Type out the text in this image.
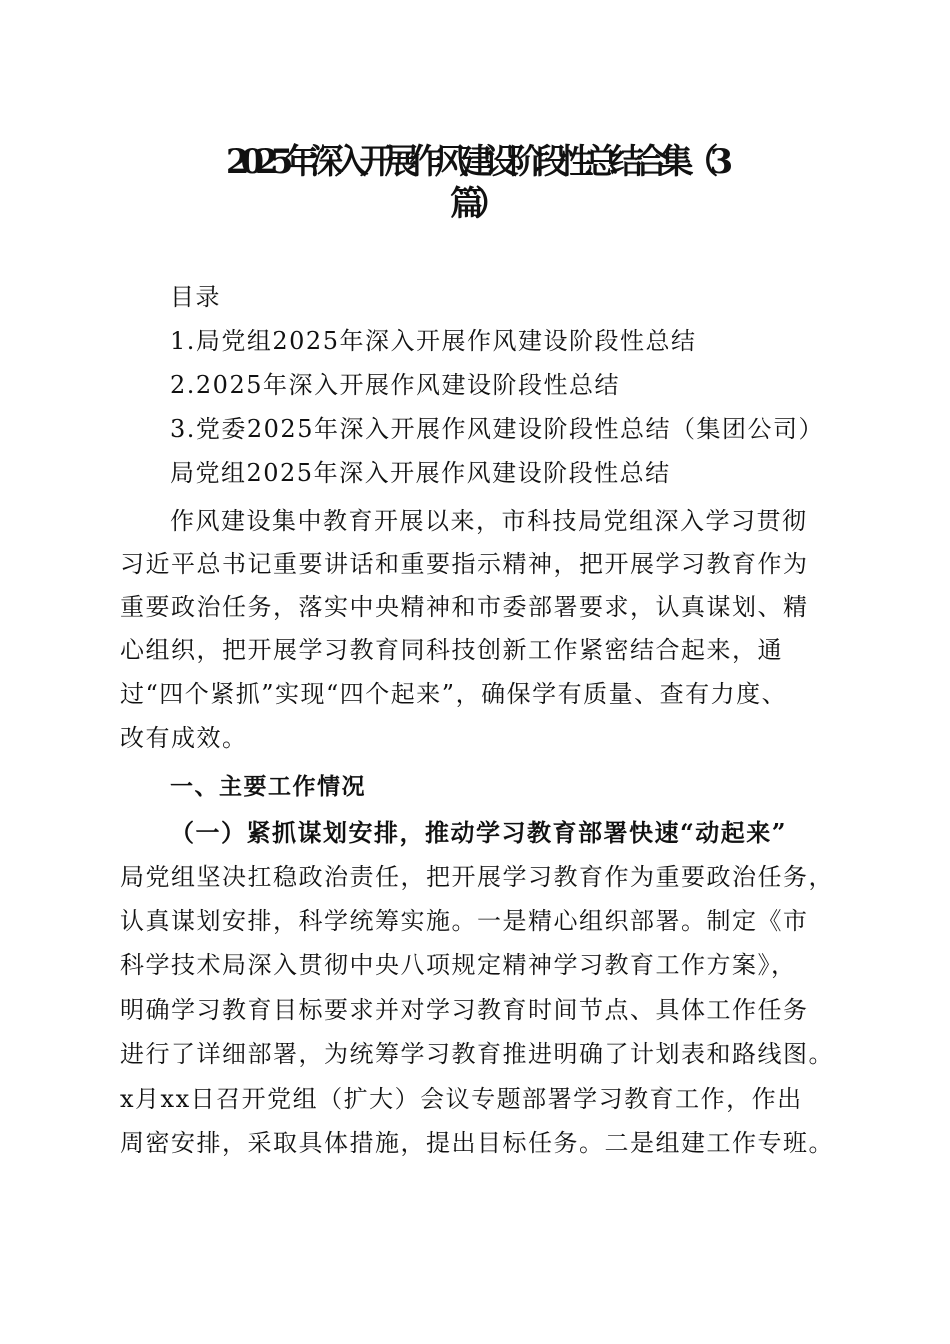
2025年深入开展作风建设阶段性总结合集（3
篇）
目录
1.局党组2025年深入开展作风建设阶段性总结
2.2025年深入开展作风建设阶段性总结
3.党委2025年深入开展作风建设阶段性总结（集团公司）
局党组2025年深入开展作风建设阶段性总结
作风建设集中教育开展以来，市科技局党组深入学习贯彻
习近平总书记重要讲话和重要指示精神，把开展学习教育作为
重要政治任务，落实中央精神和市委部署要求，认真谋划、精
心组织，把开展学习教育同科技创新工作紧密结合起来，通
过“四个紧抓”实现“四个起来”，确保学有质量、查有力度、
改有成效。
一、主要工作情况
（一）紧抓谋划安排，推动学习教育部署快速“动起来”
局党组坚决扛稳政治责任，把开展学习教育作为重要政治任务，
认真谋划安排，科学统筹实施。一是精心组织部署。制定《市
科学技术局深入贯彻中央八项规定精神学习教育工作方案》，
明确学习教育目标要求并对学习教育时间节点、具体工作任务
进行了详细部署，为统筹学习教育推进明确了计划表和路线图。
x月xx日召开党组（扩大）会议专题部署学习教育工作，作出
周密安排，采取具体措施，提出目标任务。二是组建工作专班。
